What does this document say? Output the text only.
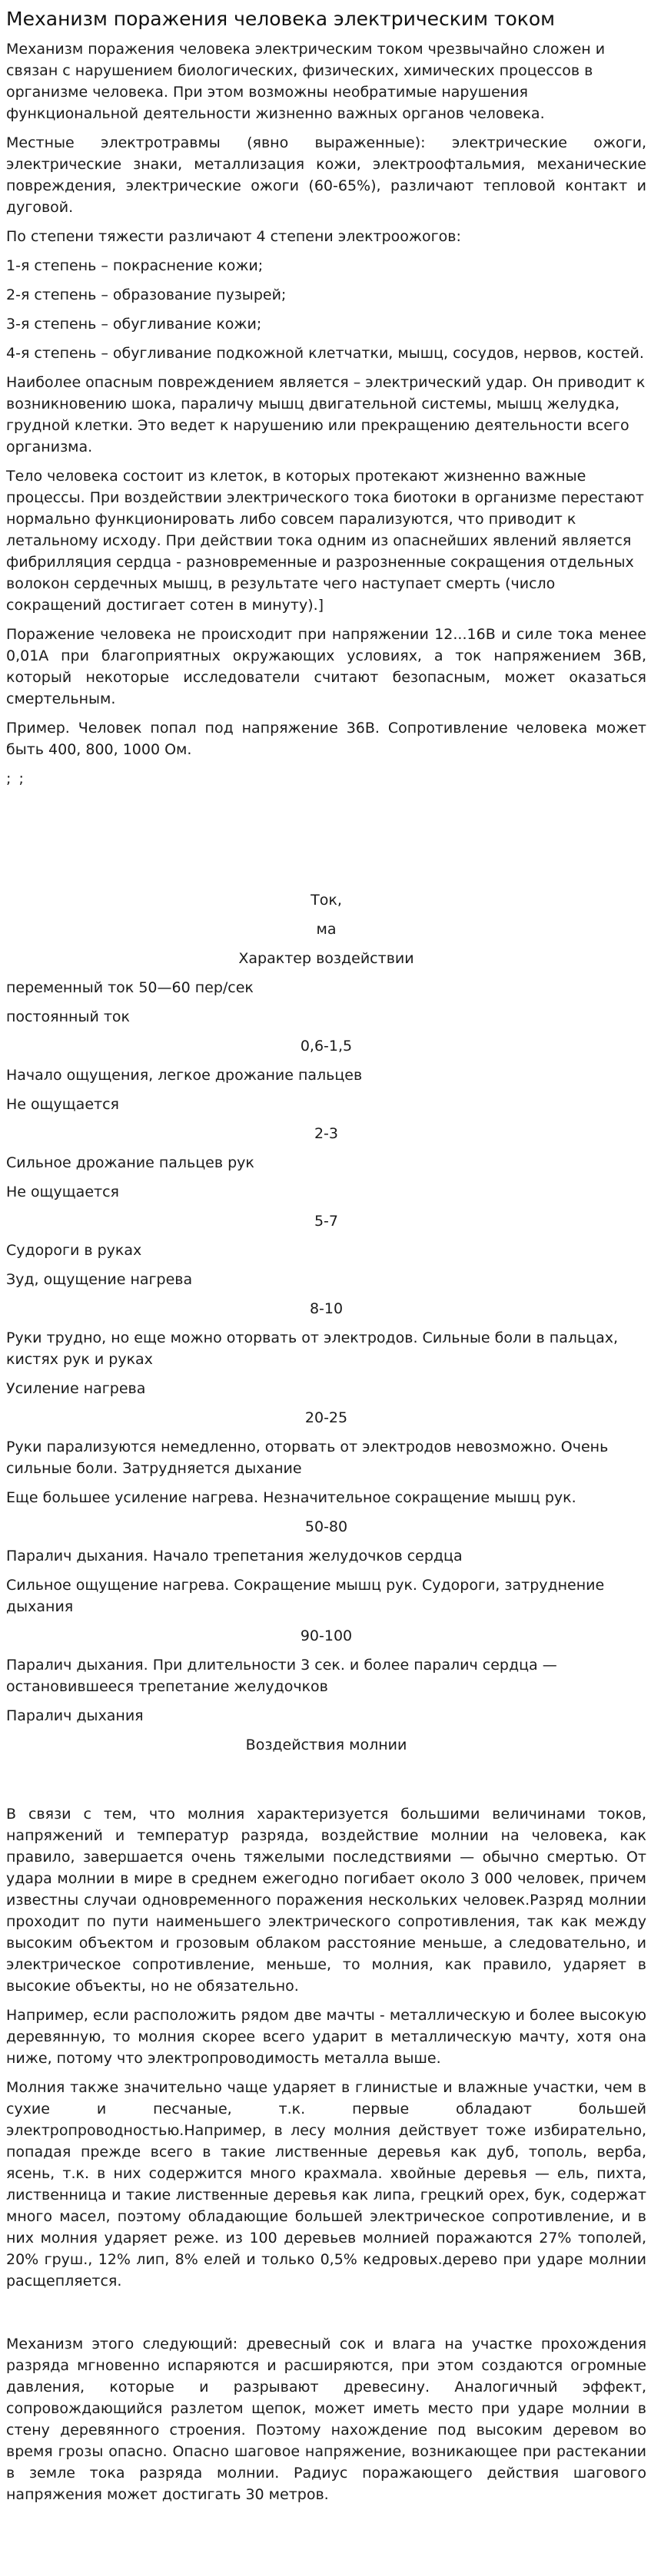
Механизм поражения человека электрическим током

Механизм поражения человека электрическим током чрезвычайно сложен и связан с нарушением биологических, физических, химических процессов в организме человека. При этом возможны необратимые нарушения функциональной деятельности жизненно важных органов человека.

Местные электротравмы (явно выраженные): электрические ожоги, электрические знаки, металлизация кожи, электроофтальмия, механические повреждения, электрические ожоги (60-65%), различают тепловой контакт и дуговой.

По степени тяжести различают 4 степени электроожогов:

1-я степень – покраснение кожи;

2-я степень – образование пузырей;

3-я степень – обугливание кожи;

4-я степень – обугливание подкожной клетчатки, мышц, сосудов, нервов, костей.

Наиболее опасным повреждением является – электрический удар. Он приводит к возникновению шока, параличу мышц двигательной системы, мышц желудка, грудной клетки. Это ведет к нарушению или прекращению деятельности всего организма.

Тело человека состоит из клеток, в которых протекают жизненно важные процессы. При воздействии электрического тока биотоки в организме перестают нормально функционировать либо совсем парализуются, что приводит к летальному исходу. При действии тока одним из опаснейших явлений является фибрилляция сердца - разновременные и разрозненные сокращения отдельных волокон сердечных мышц, в результате чего наступает смерть (число сокращений достигает сотен в минуту).]

Поражение человека не происходит при напряжении 12...16В и силе тока менее 0,01А при благоприятных окружающих условиях, а ток напряжением 36В, который некоторые исследователи считают безопасным, может оказаться смертельным.

Пример. Человек попал под напряжение 36В. Сопротивление человека может быть 400, 800, 1000 Ом.

; ;

Ток,

ма

Характер воздействии

переменный ток 50—60 пер/сек

постоянный ток

0,6-1,5

Начало ощущения, легкое дрожание пальцев

Не ощущается

2-3

Сильное дрожание пальцев рук

Не ощущается

5-7

Судороги в руках

Зуд, ощущение нагрева

8-10

Руки трудно, но еще можно оторвать от электродов. Сильные боли в пальцах, кистях рук и руках

Усиление нагрева

20-25

Руки парализуются немедленно, оторвать от электродов невозможно. Очень сильные боли. Затрудняется дыхание

Еще большее усиление нагрева. Незначительное сокращение мышц рук.

50-80

Паралич дыхания. Начало трепетания желудочков сердца

Сильное ощущение нагрева. Сокращение мышц рук. Судороги, затруднение дыхания

90-100

Паралич дыхания. При длительности 3 сек. и более паралич сердца — остановившееся трепетание желудочков

Паралич дыхания

Воздействия молнии

В связи с тем, что молния характеризуется большими величинами токов, напряжений и температур разряда, воздействие молнии на человека, как правило, завершается очень тяжелыми последствиями — обычно смертью. От удара молнии в мире в среднем ежегодно погибает около 3 000 человек, причем известны случаи одновременного поражения нескольких человек.Разряд молнии проходит по пути наименьшего электрического сопротивления, так как между высоким объектом и грозовым облаком расстояние меньше, а следовательно, и электрическое сопротивление, меньше, то молния, как правило, ударяет в высокие объекты, но не обязательно.

Например, если расположить рядом две мачты - металлическую и более высокую деревянную, то молния скорее всего ударит в металлическую мачту, хотя она ниже, потому что электропроводимость металла выше.

Молния также значительно чаще ударяет в глинистые и влажные участки, чем в сухие и песчаные, т.к. первые обладают большей электропроводностью.Например, в лесу молния действует тоже избирательно, попадая прежде всего в такие лиственные деревья как дуб, тополь, верба, ясень, т.к. в них содержится много крахмала. хвойные деревья — ель, пихта, лиственница и такие лиственные деревья как липа, грецкий орех, бук, содержат много масел, поэтому обладающие большей электрическое сопротивление, и в них молния ударяет реже. из 100 деревьев молнией поражаются 27% тополей, 20% груш., 12% лип, 8% елей и только 0,5% кедровых.дерево при ударе молнии расщепляется.

Механизм этого следующий: древесный сок и влага на участке прохождения разряда мгновенно испаряются и расширяются, при этом создаются огромные давления, которые и разрывают древесину. Аналогичный эффект, сопровождающийся разлетом щепок, может иметь место при ударе молнии в стену деревянного строения. Поэтому нахождение под высоким деревом во время грозы опасно. Опасно шаговое напряжение, возникающее при растекании в земле тока разряда молнии. Радиус поражающего действия шагового напряжения может достигать 30 метров.
